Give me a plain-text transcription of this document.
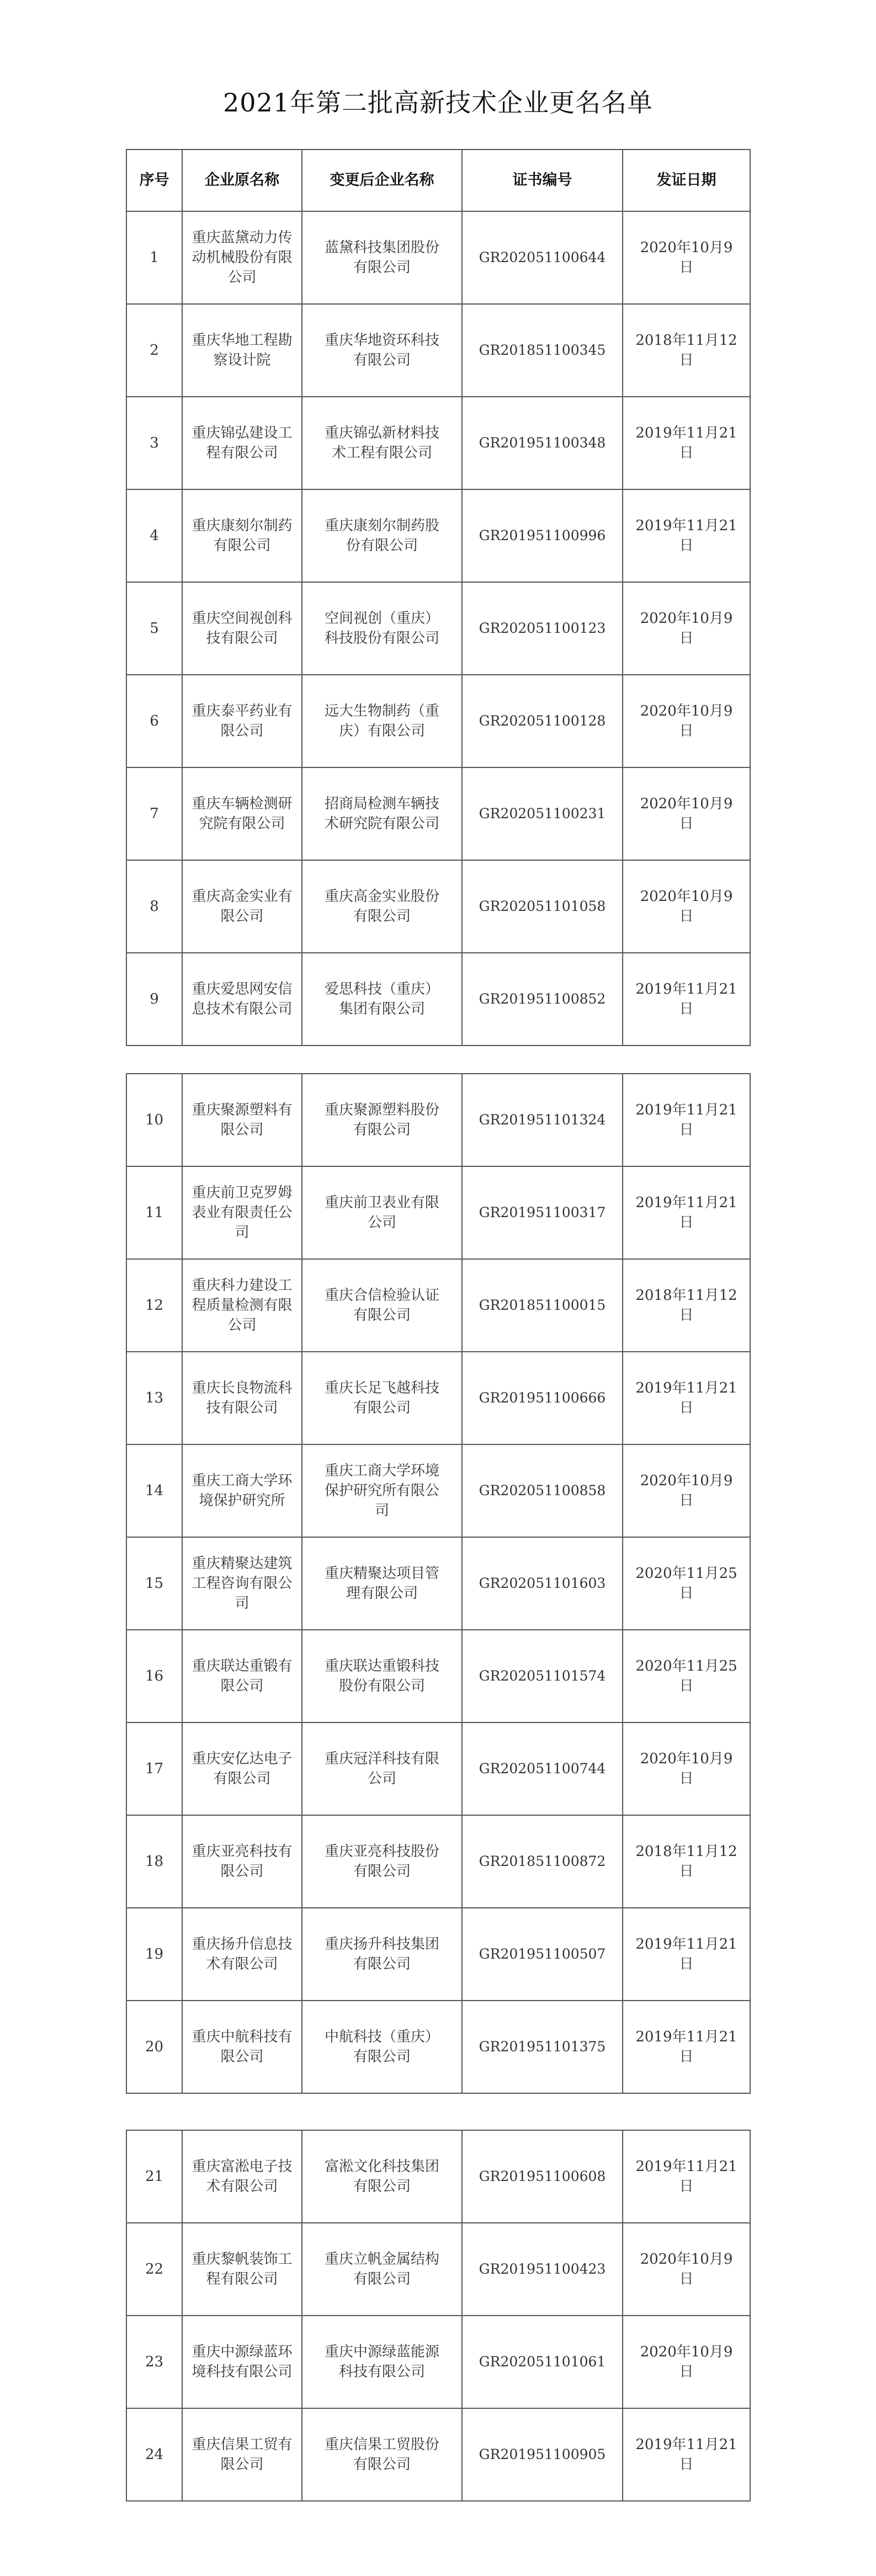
2021年第二批高新技术企业更名名单
序号	企业原名称	变更后企业名称	证书编号	发证日期
1	重庆蓝黛动力传动机械股份有限公司	蓝黛科技集团股份有限公司	GR202051100644	2020年10月9日
2	重庆华地工程勘察设计院	重庆华地资环科技有限公司	GR201851100345	2018年11月12日
3	重庆锦弘建设工程有限公司	重庆锦弘新材料技术工程有限公司	GR201951100348	2019年11月21日
4	重庆康刻尔制药有限公司	重庆康刻尔制药股份有限公司	GR201951100996	2019年11月21日
5	重庆空间视创科技有限公司	空间视创（重庆）科技股份有限公司	GR202051100123	2020年10月9日
6	重庆泰平药业有限公司	远大生物制药（重庆）有限公司	GR202051100128	2020年10月9日
7	重庆车辆检测研究院有限公司	招商局检测车辆技术研究院有限公司	GR202051100231	2020年10月9日
8	重庆高金实业有限公司	重庆高金实业股份有限公司	GR202051101058	2020年10月9日
9	重庆爱思网安信息技术有限公司	爱思科技（重庆）集团有限公司	GR201951100852	2019年11月21日
10	重庆聚源塑料有限公司	重庆聚源塑料股份有限公司	GR201951101324	2019年11月21日
11	重庆前卫克罗姆表业有限责任公司	重庆前卫表业有限公司	GR201951100317	2019年11月21日
12	重庆科力建设工程质量检测有限公司	重庆合信检验认证有限公司	GR201851100015	2018年11月12日
13	重庆长良物流科技有限公司	重庆长足飞越科技有限公司	GR201951100666	2019年11月21日
14	重庆工商大学环境保护研究所	重庆工商大学环境保护研究所有限公司	GR202051100858	2020年10月9日
15	重庆精聚达建筑工程咨询有限公司	重庆精聚达项目管理有限公司	GR202051101603	2020年11月25日
16	重庆联达重锻有限公司	重庆联达重锻科技股份有限公司	GR202051101574	2020年11月25日
17	重庆安亿达电子有限公司	重庆冠洋科技有限公司	GR202051100744	2020年10月9日
18	重庆亚亮科技有限公司	重庆亚亮科技股份有限公司	GR201851100872	2018年11月12日
19	重庆扬升信息技术有限公司	重庆扬升科技集团有限公司	GR201951100507	2019年11月21日
20	重庆中航科技有限公司	中航科技（重庆）有限公司	GR201951101375	2019年11月21日
21	重庆富淞电子技术有限公司	富淞文化科技集团有限公司	GR201951100608	2019年11月21日
22	重庆黎帆装饰工程有限公司	重庆立帆金属结构有限公司	GR201951100423	2020年10月9日
23	重庆中源绿蓝环境科技有限公司	重庆中源绿蓝能源科技有限公司	GR202051101061	2020年10月9日
24	重庆信果工贸有限公司	重庆信果工贸股份有限公司	GR201951100905	2019年11月21日
